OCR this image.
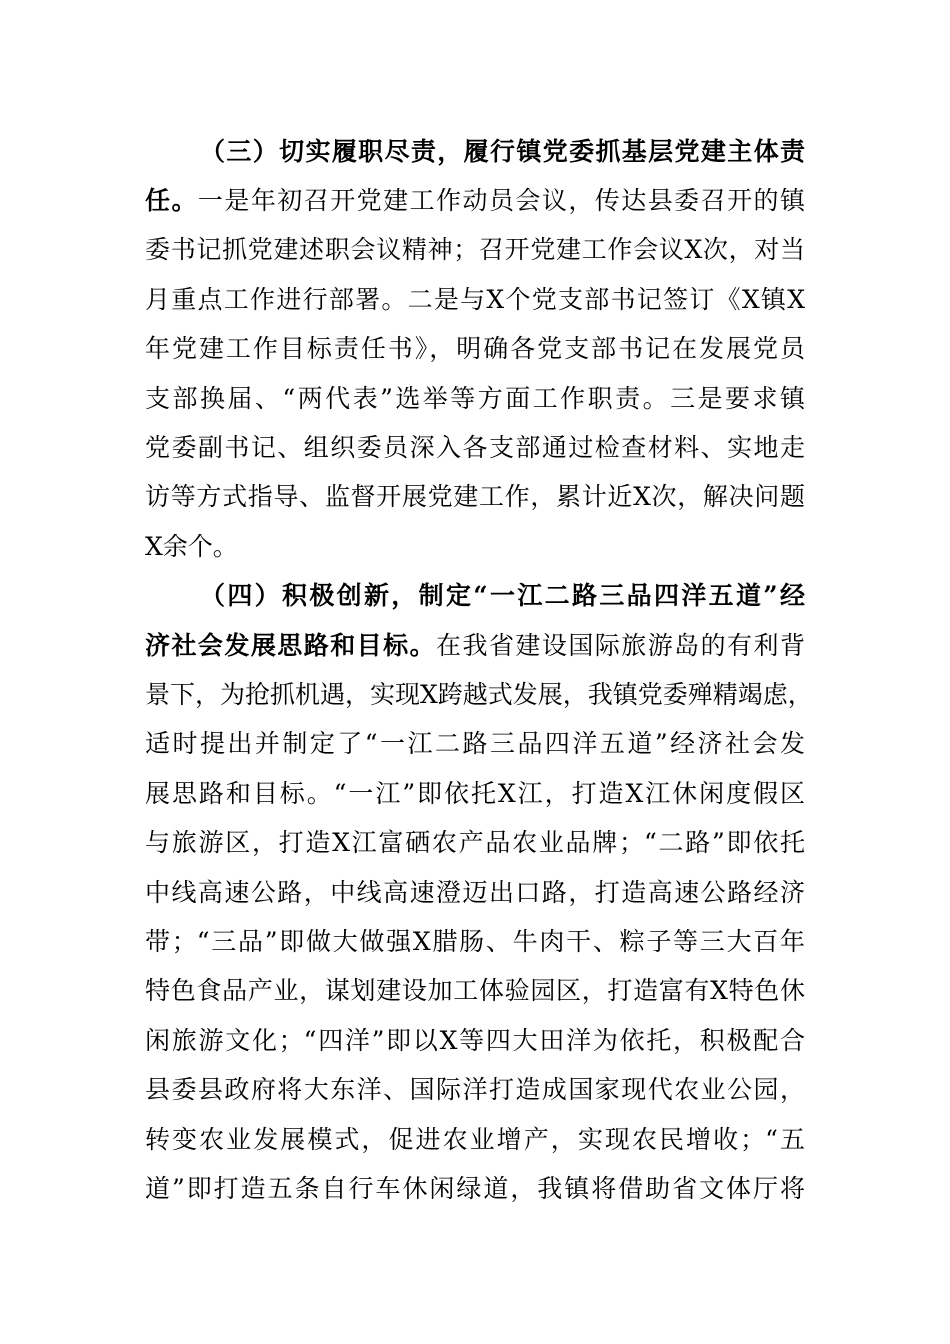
（三）切实履职尽责，履行镇党委抓基层党建主体责
任。一是年初召开党建工作动员会议，传达县委召开的镇
委书记抓党建述职会议精神；召开党建工作会议X次，对当
月重点工作进行部署。二是与X个党支部书记签订《X镇X
年党建工作目标责任书》，明确各党支部书记在发展党员
支部换届、“两代表”选举等方面工作职责。三是要求镇
党委副书记、组织委员深入各支部通过检查材料、实地走
访等方式指导、监督开展党建工作，累计近X次，解决问题
X余个。
（四）积极创新，制定“一江二路三品四洋五道”经
济社会发展思路和目标。在我省建设国际旅游岛的有利背
景下，为抢抓机遇，实现X跨越式发展，我镇党委殚精竭虑，
适时提出并制定了“一江二路三品四洋五道”经济社会发
展思路和目标。“一江”即依托X江，打造X江休闲度假区
与旅游区，打造X江富硒农产品农业品牌；“二路”即依托
中线高速公路，中线高速澄迈出口路，打造高速公路经济
带；“三品”即做大做强X腊肠、牛肉干、粽子等三大百年
特色食品产业，谋划建设加工体验园区，打造富有X特色休
闲旅游文化；“四洋”即以X等四大田洋为依托，积极配合
县委县政府将大东洋、国际洋打造成国家现代农业公园，
转变农业发展模式，促进农业增产，实现农民增收；“五
道”即打造五条自行车休闲绿道，我镇将借助省文体厅将
